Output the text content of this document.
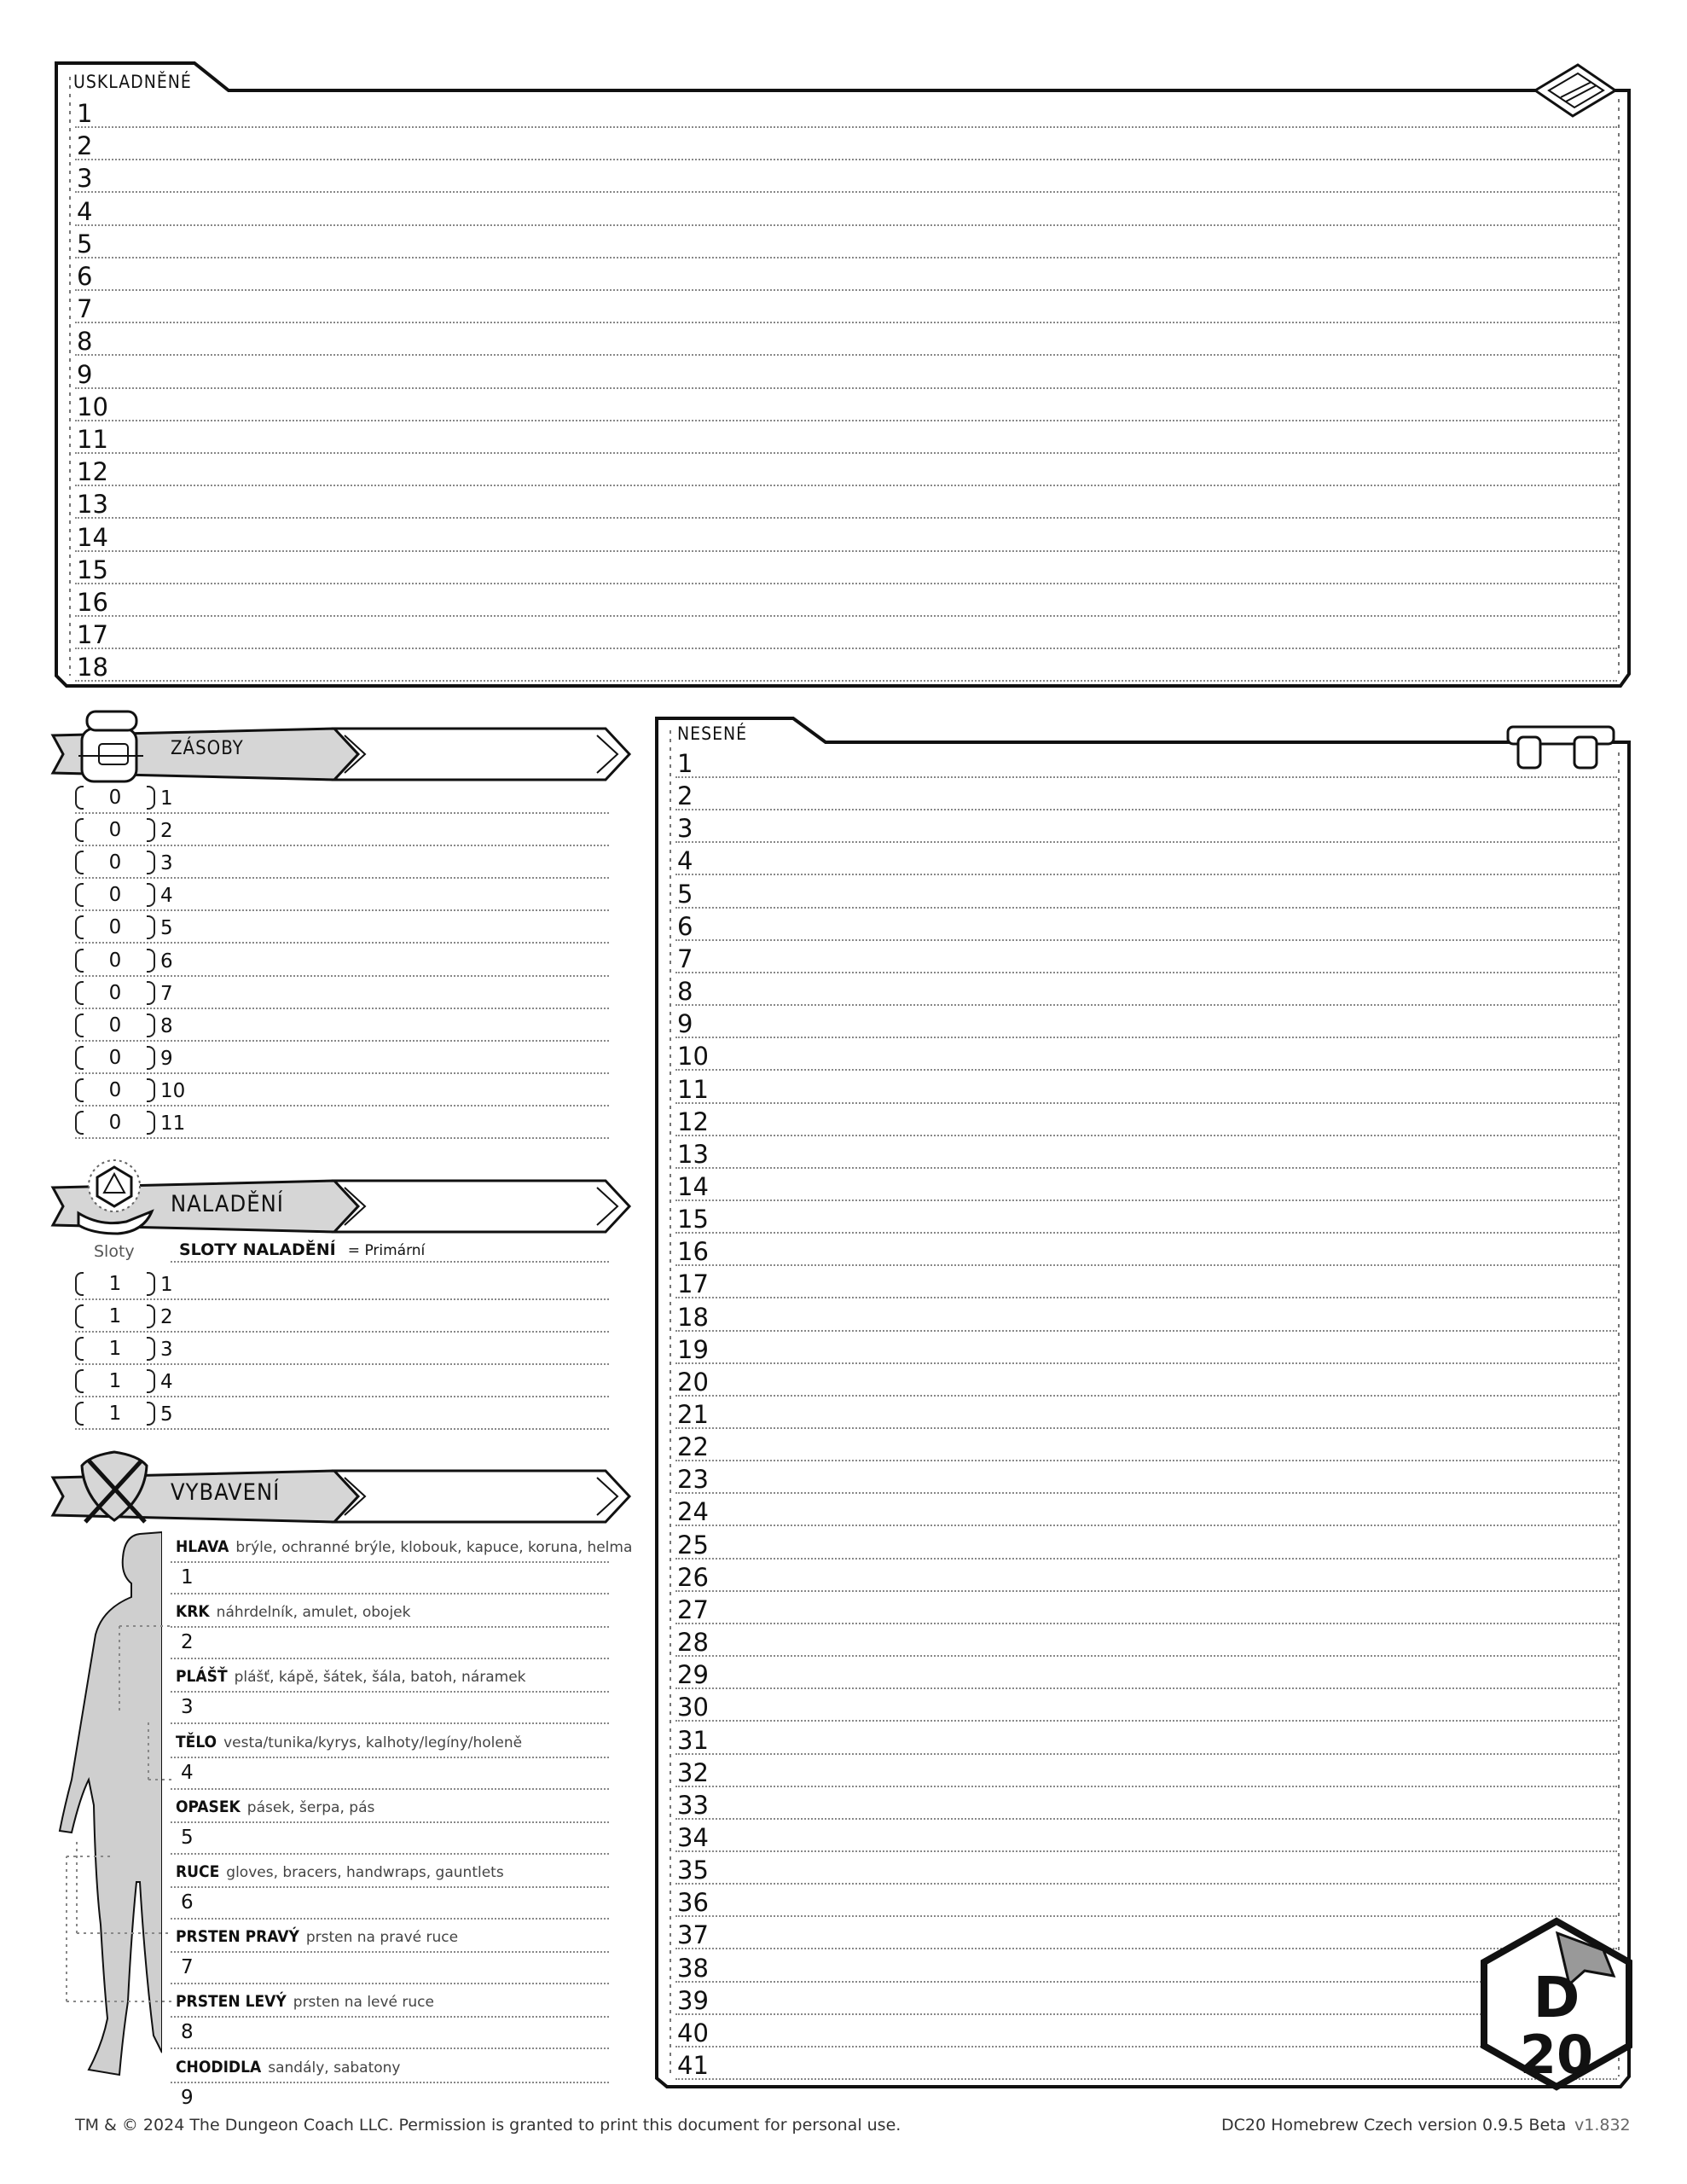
USKLADNĚNÉ
1
2
3
4
5
6
7
8
9
10
11
12
13
14
15
16
17
18
ZÁSOBY
0	1
0	2
0	3
0	4
0	5
0	6
0	7
0	8
0	9
0	10
0	11
NALADĚNÍ
Sloty	SLOTY NALADĚNÍ = Primární
1	1
1	2
1	3
1	4
1	5
VYBAVENÍ
HLAVA brýle, ochranné brýle, klobouk, kapuce, koruna, helma
1
KRK náhrdelník, amulet, obojek
2
PLÁŠŤ plášť, kápě, šátek, šála, batoh, náramek
3
TĚLO vesta/tunika/kyrys, kalhoty/legíny/holeně
4
OPASEK pásek, šerpa, pás
5
RUCE gloves, bracers, handwraps, gauntlets
6
PRSTEN PRAVÝ prsten na pravé ruce
7
PRSTEN LEVÝ prsten na levé ruce
8
CHODIDLA sandály, sabatony
9
NESENÉ
1
2
3
4
5
6
7
8
9
10
11
12
13
14
15
16
17
18
19
20
21
22
23
24
25
26
27
28
29
30
31
32
33
34
35
36
37
38
39
40
41
D
20
TM & © 2024 The Dungeon Coach LLC. Permission is granted to print this document for personal use.	DC20 Homebrew Czech version 0.9.5 Beta v1.832
